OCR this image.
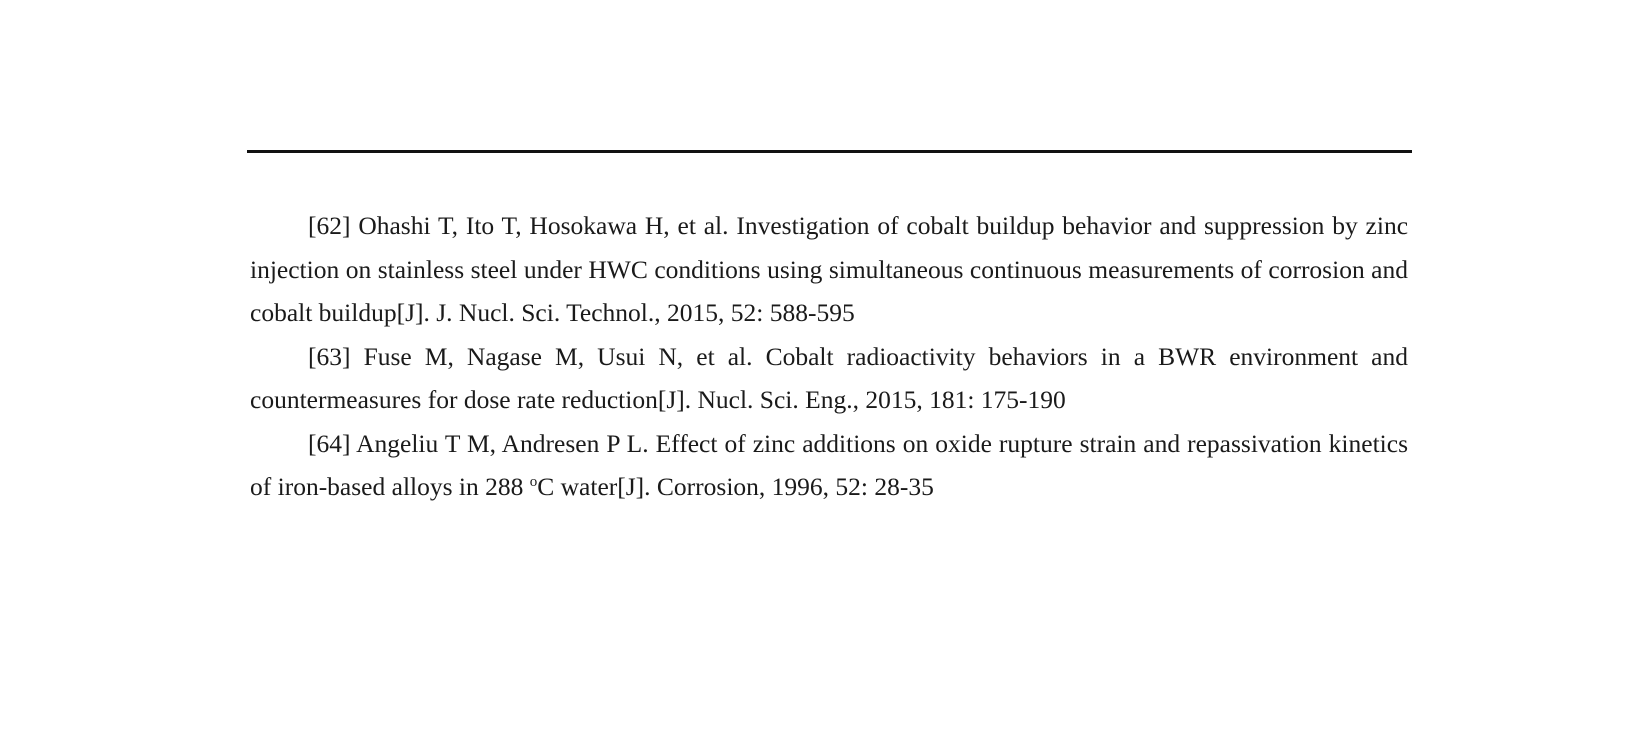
[62] Ohashi T, Ito T, Hosokawa H, et al. Investigation of cobalt buildup behavior and suppression by zinc injection on stainless steel under HWC conditions using simultaneous continuous measurements of corrosion and cobalt buildup[J]. J. Nucl. Sci. Technol., 2015, 52: 588-595

[63] Fuse M, Nagase M, Usui N, et al. Cobalt radioactivity behaviors in a BWR environment and countermeasures for dose rate reduction[J]. Nucl. Sci. Eng., 2015, 181: 175-190

[64] Angeliu T M, Andresen P L. Effect of zinc additions on oxide rupture strain and repassivation kinetics of iron-based alloys in 288 $^o$C water[J]. Corrosion, 1996, 52: 28-35
